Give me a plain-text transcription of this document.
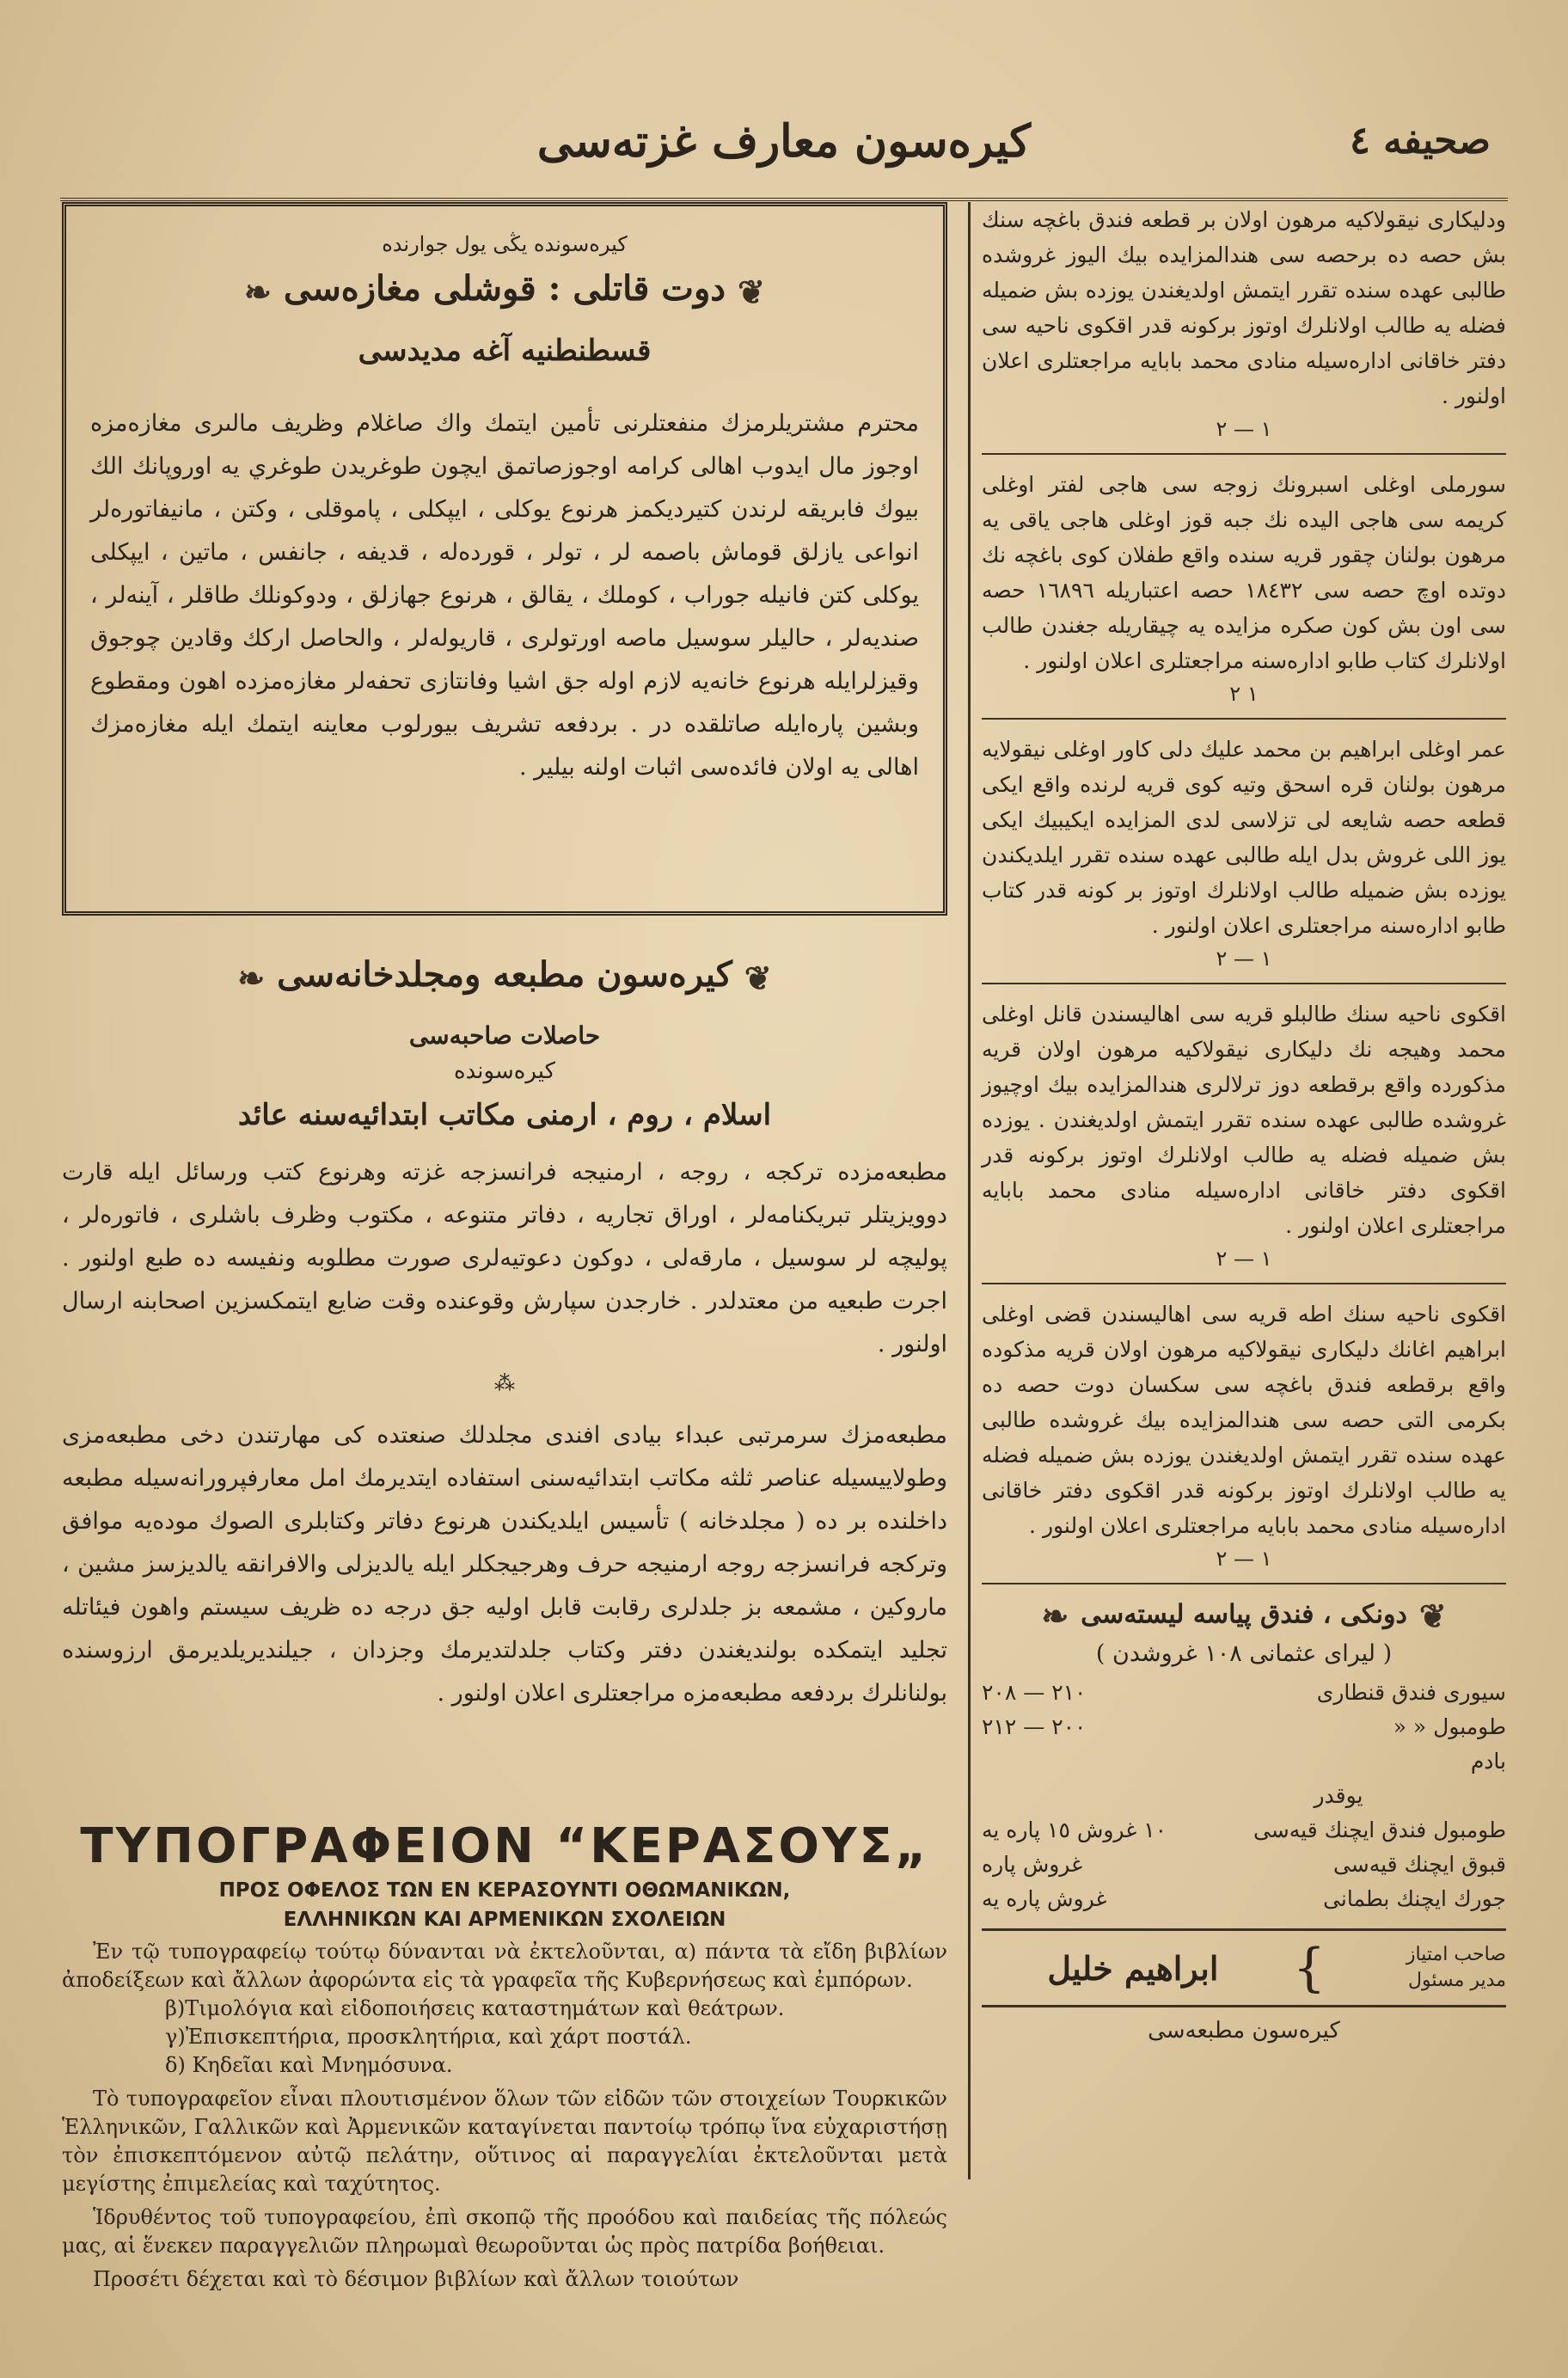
صحيفه ٤
كيرەسون معارف غزتەسى
كيرەسونده يڭى يول جوارنده
❦دوت قاتلى : قوشلى مغازەسى❧
قسطنطنيه آغه مديدسى
محترم مشتريلرمزك منفعتلرنى تأمين ايتمك واك صاغلام وظريف مالىرى مغازەمزه اوجوز مال ايدوب اهالى كرامه اوجوزصاتمق ايچون طوغريدن طوغري يه اوروپانك الك بيوك فابريقه لرندن كتيرديكمز هرنوع يوكلى ، ايپكلى ، پاموقلى ، وكتن ، مانيفاتورەلر انواعى يازلق قوماش باصمه لر ، تولر ، قوردەله ، قديفه ، جانفس ، ماتين ، ايپكلى يوكلى كتن فانيله جوراب ، كوملك ، يقالق ، هرنوع جهازلق ، ودوكونلك طاقلر ، آينەلر ، صنديەلر ، حاليلر سوسيل ماصه اورتولرى ، قاريولەلر ، والحاصل اركك وقادين چوجوق وقيزلرايله هرنوع خانەيه لازم اوله جق اشيا وفانتازى تحفەلر مغازەمزده اهون ومقطوع وبشين پارەايله صاتلقده در . بردفعه تشريف بيورلوب معاينه ايتمك ايله مغازەمزك اهالى يه اولان فائدەسى اثبات اولنه بيلير .
❦كيرەسون مطبعه ومجلدخانەسى❧
حاصلات صاحبەسى
كيرەسونده
اسلام ، روم ، ارمنى مكاتب ابتدائيەسنه عائد
مطبعەمزده تركجه ، روجه ، ارمنيجه فرانسزجه غزته وهرنوع كتب ورسائل ايله قارت دوويزيتلر تبريكنامەلر ، اوراق تجاريه ، دفاتر متنوعه ، مكتوب وظرف باشلرى ، فاتورەلر ، پوليچه لر سوسيل ، مارقەلى ، دوكون دعوتيەلرى صورت مطلوبه ونفيسه ده طبع اولنور . اجرت طبعيه من معتدلدر . خارجدن سپارش وقوعنده وقت ضايع ايتمكسزين اصحابنه ارسال اولنور .
⁂
مطبعەمزك سرمرتبى عبداء بيادى افندى مجلدلك صنعتده كى مهارتندن دخى مطبعەمزى وطولاييسيله عناصر ثلثه مكاتب ابتدائيەسنى استفاده ايتديرمك امل معارفپرورانەسيله مطبعه داخلنده بر ده ( مجلدخانه ) تأسيس ايلديكندن هرنوع دفاتر وكتابلرى الصوك مودەيه موافق وتركجه فرانسزجه روجه ارمنيجه حرف وهرجيجكلر ايله يالديزلى والافرانقه يالديزسز مشين ، ماروكين ، مشمعه بز جلدلرى رقابت قابل اوليه جق درجه ده ظريف سيستم واهون فيئاتله تجليد ايتمكده بولنديغندن دفتر وكتاب جلدلتديرمك وجزدان ، جيلنديريلديرمق ارزوسنده بولنانلرك بردفعه مطبعەمزه مراجعتلرى اعلان اولنور .
ΤΥΠΟΓΡΑΦΕΙΟΝ “ΚΕΡΑΣΟΥΣ„
ΠΡΟΣ ΟΦΕΛΟΣ ΤΩΝ ΕΝ ΚΕΡΑΣΟΥΝΤΙ ΟΘΩΜΑΝΙΚΩΝ,
ΕΛΛΗΝΙΚΩΝ ΚΑΙ ΑΡΜΕΝΙΚΩΝ ΣΧΟΛΕΙΩΝ

Ἐν τῷ τυπογραφείῳ τούτῳ δύνανται νὰ ἐκτελοῦνται, α) πάντα τὰ εἴδη βιβλίων ἀποδείξεων καὶ ἄλλων ἀφορώντα εἰς τὰ γραφεῖα τῆς Κυβερνήσεως καὶ ἐμπόρων.

β)Τιμολόγια καὶ εἰδοποιήσεις καταστημάτων καὶ θεάτρων.
γ)Ἐπισκεπτήρια, προσκλητήρια, καὶ χάρτ ποστάλ.
δ) Κηδεῖαι καὶ Μνημόσυνα.

Τὸ τυπογραφεῖον εἶναι πλουτισμένον ὅλων τῶν εἰδῶν τῶν στοιχείων Τουρκικῶν Ἑλληνικῶν, Γαλλικῶν καὶ Ἀρμενικῶν καταγίνεται παντοίῳ τρόπῳ ἵνα εὐχαριστήσῃ τὸν ἐπισκεπτόμενον αὐτῷ πελάτην, οὕτινος αἱ παραγγελίαι ἐκτελοῦνται μετὰ μεγίστης ἐπιμελείας καὶ ταχύτητος.

Ἱδρυθέντος τοῦ τυπογραφείου, ἐπὶ σκοπῷ τῆς προόδου καὶ παιδείας τῆς πόλεώς μας, αἱ ἕνεκεν παραγγελιῶν πληρωμαὶ θεωροῦνται ὡς πρὸς πατρίδα βοήθειαι.

Προσέτι δέχεται καὶ τὸ δέσιμον βιβλίων καὶ ἄλλων τοιούτων

ودليكارى نيقولاكيه مرهون اولان بر قطعه فندق باغچه سنك بش حصه ده برحصه سى هندالمزايده بيك اليوز غروشده طالبى عهده سنده تقرر ايتمش اولديغندن يوزده بش ضميله فضله يه طالب اولانلرك اوتوز بركونه قدر اقكوى ناحيه سى دفتر خاقانى ادارەسيله منادى محمد بابايه مراجعتلرى اعلان اولنور .
١ — ٢
سورملى اوغلى اسبرونك زوجه سى هاجى لفتر اوغلى كريمه سى هاجى اليده نك جبه قوز اوغلى هاجى ياقى يه مرهون بولنان چقور قريه سنده واقع طفلان كوى باغچه نك دوتده اوچ حصه سى ١٨٤٣٢ حصه اعتباريله ١٦٨٩٦ حصه سى اون بش كون صكره مزايده يه چيقاريله جغندن طالب اولانلرك كتاب طابو ادارەسنه مراجعتلرى اعلان اولنور .
١ ٢
عمر اوغلى ابراهيم بن محمد عليك دلى كاور اوغلى نيقولايه مرهون بولنان قره اسحق وتيه كوى قريه لرنده واقع ايكى قطعه حصه شايعه لى تزلاسى لدى المزايده ايكيبيك ايكى يوز اللى غروش بدل ايله طالبى عهده سنده تقرر ايلديكندن يوزده بش ضميله طالب اولانلرك اوتوز بر كونه قدر كتاب طابو ادارەسنه مراجعتلرى اعلان اولنور .
١ — ٢
اقكوى ناحيه سنك طالبلو قريه سى اهاليسندن قانل اوغلى محمد وهيجه نك دليكارى نيقولاكيه مرهون اولان قريه مذكورده واقع برقطعه دوز ترلالرى هندالمزايده بيك اوچيوز غروشده طالبى عهده سنده تقرر ايتمش اولديغندن . يوزده بش ضميله فضله يه طالب اولانلرك اوتوز بركونه قدر اقكوى دفتر خاقانى ادارەسيله منادى محمد بابايه مراجعتلرى اعلان اولنور .
١ — ٢
اقكوى ناحيه سنك اطه قريه سى اهاليسندن قضى اوغلى ابراهيم اغانك دليكارى نيقولاكيه مرهون اولان قريه مذكوده واقع برقطعه فندق باغچه سى سكسان دوت حصه ده بكرمى التى حصه سى هندالمزايده بيك غروشده طالبى عهده سنده تقرر ايتمش اولديغندن يوزده بش ضميله فضله يه طالب اولانلرك اوتوز بركونه قدر اقكوى دفتر خاقانى ادارەسيله منادى محمد بابايه مراجعتلرى اعلان اولنور .
١ — ٢
❦دونكى ، فندق پياسه ليستەسى❧
( ليراى عثمانى ١٠٨ غروشدن )
سيورى فندق قنطارى
٢١٠ — ٢٠٨
طومبول « «
٢٠٠ — ٢١٢
بادم
يوقدر
طومبول فندق ايچنك قيەسى
١٠ غروش ١٥ پاره يه
قبوق ايچنك قيەسى
غروش پاره
جورك ايچنك بطمانى
غروش پاره يه
صاحب امتياز
مدير مسئول
}
ابراهيم خليل
كيرەسون مطبعەسى
